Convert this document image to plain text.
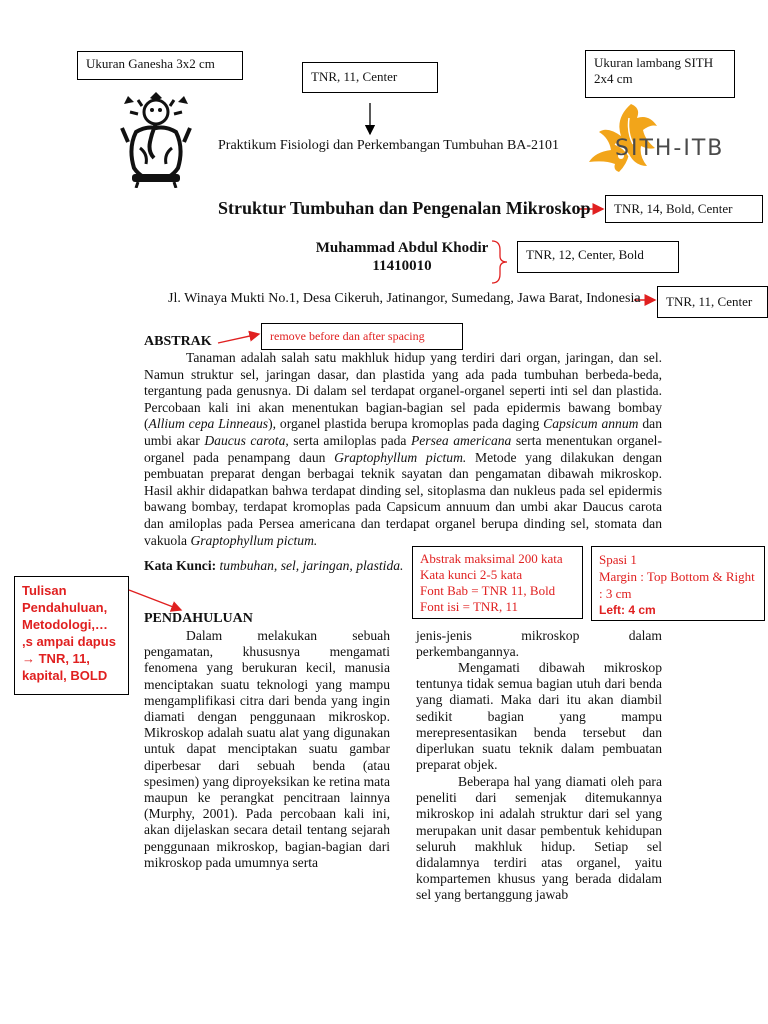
Ukuran Ganesha 3x2 cm
TNR, 11, Center
Ukuran lambang SITH 2x4 cm
TNR, 14, Bold, Center
TNR, 12, Center, Bold
TNR, 11, Center
remove before dan after spacing
Abstrak maksimal 200 kata
Kata kunci 2-5 kata
Font Bab = TNR 11, Bold
Font isi = TNR, 11
Spasi 1
Margin : Top Bottom & Right : 3 cm
Left: 4 cm
Tulisan Pendahuluan, Metodologi,… ,s ampai dapus → TNR, 11, kapital, BOLD
SITH-ITB
Praktikum Fisiologi dan Perkembangan Tumbuhan BA-2101
Struktur Tumbuhan dan Pengenalan Mikroskop
Muhammad Abdul Khodir
11410010
Jl. Winaya Mukti No.1, Desa Cikeruh, Jatinangor, Sumedang, Jawa Barat, Indonesia
ABSTRAK

Tanaman adalah salah satu makhluk hidup yang terdiri dari organ, jaringan, dan sel. Namun struktur sel, jaringan dasar, dan plastida yang ada pada tumbuhan berbeda-beda, tergantung pada genusnya. Di dalam sel terdapat organel-organel seperti inti sel dan plastida. Percobaan kali ini akan menentukan bagian-bagian sel pada epidermis bawang bombay (Allium cepa Linneaus), organel plastida berupa kromoplas pada daging Capsicum annum dan umbi akar Daucus carota, serta amiloplas pada Persea americana serta menentukan organel-organel pada penampang daun Graptophyllum pictum. Metode yang dilakukan dengan pembuatan preparat dengan berbagai teknik sayatan dan pengamatan dibawah mikroskop. Hasil akhir didapatkan bahwa terdapat dinding sel, sitoplasma dan nukleus pada sel epidermis bawang bombay, terdapat kromoplas pada Capsicum annuum dan umbi akar Daucus carota dan amiloplas pada Persea americana dan terdapat organel berupa dinding sel, stomata dan vakuola Graptophyllum pictum.

Kata Kunci: tumbuhan, sel, jaringan, plastida.
PENDAHULUAN

Dalam melakukan sebuah pengamatan, khususnya mengamati fenomena yang berukuran kecil, manusia menciptakan suatu teknologi yang mampu mengamplifikasi citra dari benda yang ingin diamati dengan penggunaan mikroskop. Mikroskop adalah suatu alat yang digunakan untuk dapat menciptakan suatu gambar diperbesar dari sebuah benda (atau spesimen) yang diproyeksikan ke retina mata maupun ke perangkat pencitraan lainnya (Murphy, 2001). Pada percobaan kali ini, akan dijelaskan secara detail tentang sejarah penggunaan mikroskop, bagian-bagian dari mikroskop pada umumnya serta

jenis-jenis mikroskop dalam perkembangannya.

Mengamati dibawah mikroskop tentunya tidak semua bagian utuh dari benda yang diamati. Maka dari itu akan diambil sedikit bagian yang mampu merepresentasikan benda tersebut dan diperlukan suatu teknik dalam pembuatan preparat objek.

Beberapa hal yang diamati oleh para peneliti dari semenjak ditemukannya mikroskop ini adalah struktur dari sel yang merupakan unit dasar pembentuk kehidupan seluruh makhluk hidup. Setiap sel didalamnya terdiri atas organel, yaitu kompartemen khusus yang berada didalam sel yang bertanggung jawab
